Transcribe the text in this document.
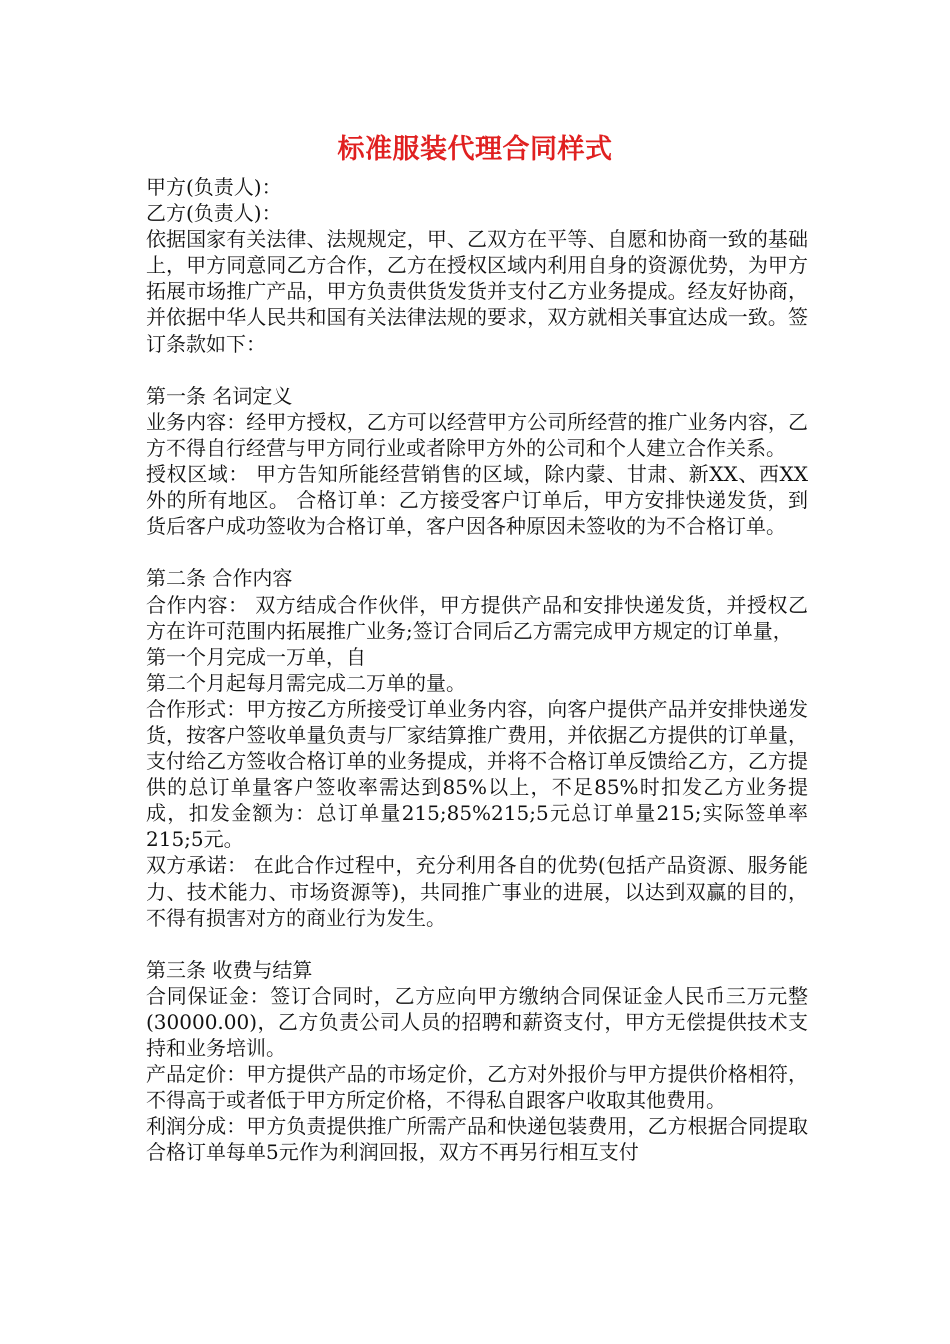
标准服装代理合同样式

甲方(负责人)：

乙方(负责人)：

依据国家有关法律、法规规定，甲、乙双方在平等、自愿和协商一致的基础上，甲方同意同乙方合作，乙方在授权区域内利用自身的资源优势，为甲方拓展市场推广产品，甲方负责供货发货并支付乙方业务提成。经友好协商，并依据中华人民共和国有关法律法规的要求，双方就相关事宜达成一致。签订条款如下：

第一条 名词定义

业务内容：经甲方授权，乙方可以经营甲方公司所经营的推广业务内容，乙方不得自行经营与甲方同行业或者除甲方外的公司和个人建立合作关系。

授权区域： 甲方告知所能经营销售的区域，除内蒙、甘肃、新XX、西XX外的所有地区。 合格订单：乙方接受客户订单后，甲方安排快递发货，到货后客户成功签收为合格订单，客户因各种原因未签收的为不合格订单。

第二条 合作内容

合作内容： 双方结成合作伙伴，甲方提供产品和安排快递发货，并授权乙方在许可范围内拓展推广业务;签订合同后乙方需完成甲方规定的订单量，

第一个月完成一万单，自

第二个月起每月需完成二万单的量。

合作形式：甲方按乙方所接受订单业务内容，向客户提供产品并安排快递发货，按客户签收单量负责与厂家结算推广费用，并依据乙方提供的订单量，支付给乙方签收合格订单的业务提成，并将不合格订单反馈给乙方，乙方提供的总订单量客户签收率需达到85%以上，不足85%时扣发乙方业务提成，扣发金额为：总订单量215;85%215;5元总订单量215;实际签单率215;5元。

双方承诺： 在此合作过程中，充分利用各自的优势(包括产品资源、服务能力、技术能力、市场资源等)，共同推广事业的进展，以达到双赢的目的，不得有损害对方的商业行为发生。

第三条 收费与结算

合同保证金：签订合同时，乙方应向甲方缴纳合同保证金人民币三万元整(30000.00)，乙方负责公司人员的招聘和薪资支付，甲方无偿提供技术支持和业务培训。

产品定价：甲方提供产品的市场定价，乙方对外报价与甲方提供价格相符，不得高于或者低于甲方所定价格，不得私自跟客户收取其他费用。

利润分成：甲方负责提供推广所需产品和快递包装费用，乙方根据合同提取合格订单每单5元作为利润回报，双方不再另行相互支付
